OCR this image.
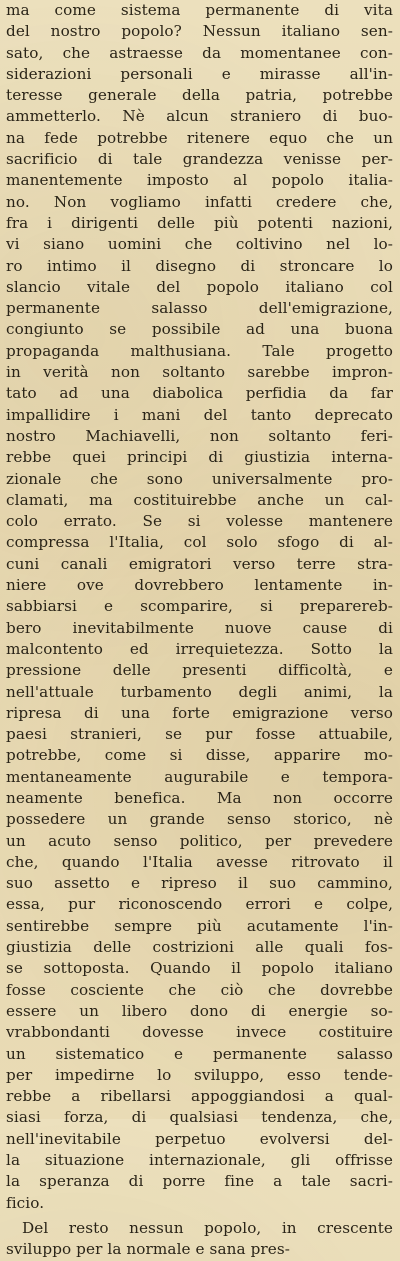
ma come sistema permanente di vita
del nostro popolo? Nessun italiano sen-
sato, che astraesse da momentanee con-
siderazioni personali e mirasse all'in-
teresse generale della patria, potrebbe
ammetterlo. Nè alcun straniero di buo-
na fede potrebbe ritenere equo che un
sacrificio di tale grandezza venisse per-
manentemente imposto al popolo italia-
no. Non vogliamo infatti credere che,
fra i dirigenti delle più potenti nazioni,
vi siano uomini che coltivino nel lo-
ro intimo il disegno di stroncare lo
slancio vitale del popolo italiano col
permanente salasso dell'emigrazione,
congiunto se possibile ad una buona
propaganda malthusiana. Tale progetto
in verità non soltanto sarebbe impron-
tato ad una diabolica perfidia da far
impallidire i mani del tanto deprecato
nostro Machiavelli, non soltanto feri-
rebbe quei principi di giustizia interna-
zionale che sono universalmente pro-
clamati, ma costituirebbe anche un cal-
colo errato. Se si volesse mantenere
compressa l'Italia, col solo sfogo di al-
cuni canali emigratori verso terre stra-
niere ove dovrebbero lentamente in-
sabbiarsi e scomparire, si preparereb-
bero inevitabilmente nuove cause di
malcontento ed irrequietezza. Sotto la
pressione delle presenti difficoltà, e
nell'attuale turbamento degli animi, la
ripresa di una forte emigrazione verso
paesi stranieri, se pur fosse attuabile,
potrebbe, come si disse, apparire mo-
mentaneamente augurabile e tempora-
neamente benefica. Ma non occorre
possedere un grande senso storico, nè
un acuto senso politico, per prevedere
che, quando l'Italia avesse ritrovato il
suo assetto e ripreso il suo cammino,
essa, pur riconoscendo errori e colpe,
sentirebbe sempre più acutamente l'in-
giustizia delle costrizioni alle quali fos-
se sottoposta. Quando il popolo italiano
fosse cosciente che ciò che dovrebbe
essere un libero dono di energie so-
vrabbondanti dovesse invece costituire
un sistematico e permanente salasso
per impedirne lo sviluppo, esso tende-
rebbe a ribellarsi appoggiandosi a qual-
siasi forza, di qualsiasi tendenza, che,
nell'inevitabile perpetuo evolversi del-
la situazione internazionale, gli offrisse
la speranza di porre fine a tale sacri-
ficio.
Del resto nessun popolo, in crescente
sviluppo per la normale e sana pres-
